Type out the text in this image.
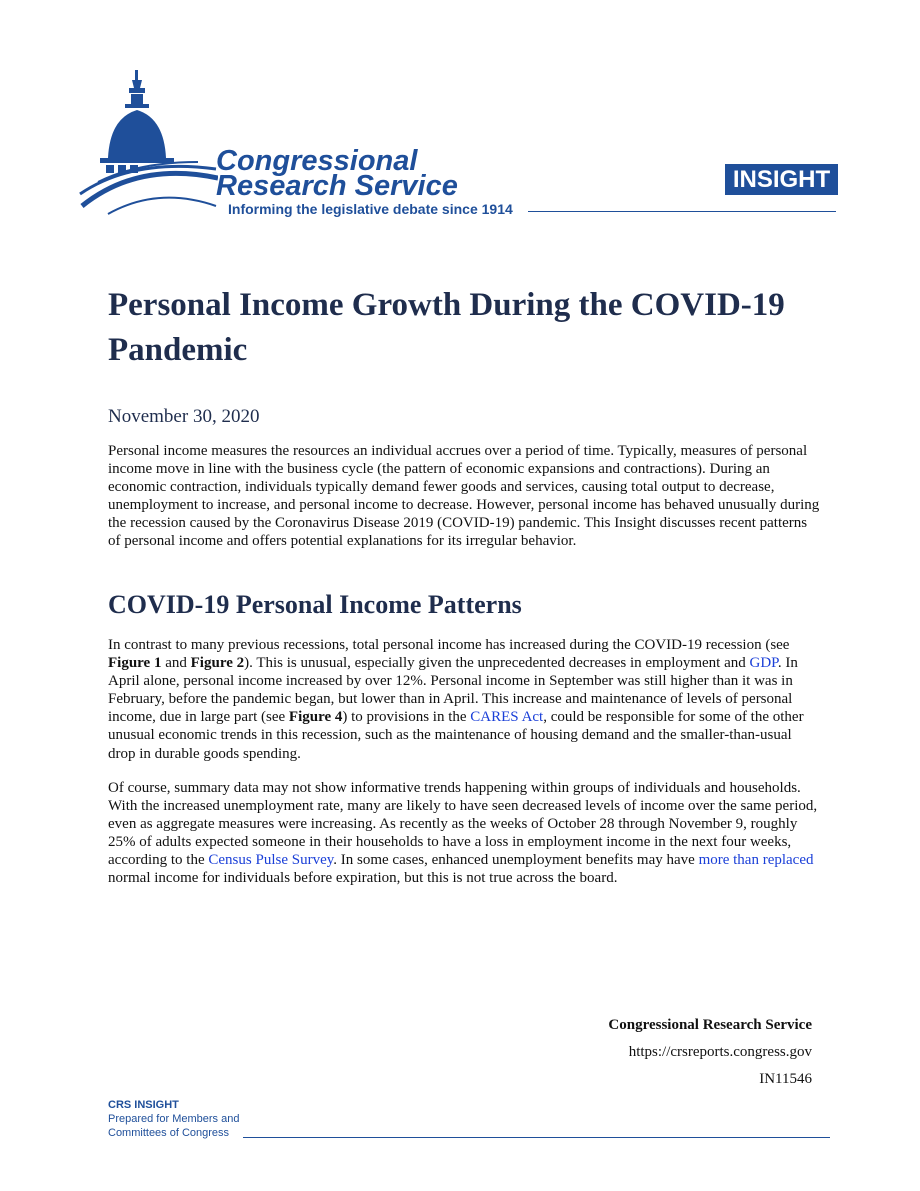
Congressional
Research Service
Informing the legislative debate since 1914
INSIGHT
Personal Income Growth During the COVID-19 Pandemic
November 30, 2020

Personal income measures the resources an individual accrues over a period of time. Typically, measures of personal income move in line with the business cycle (the pattern of economic expansions and contractions). During an economic contraction, individuals typically demand fewer goods and services, causing total output to decrease, unemployment to increase, and personal income to decrease. However, personal income has behaved unusually during the recession caused by the Coronavirus Disease 2019 (COVID-19) pandemic. This Insight discusses recent patterns of personal income and offers potential explanations for its irregular behavior.

COVID-19 Personal Income Patterns

In contrast to many previous recessions, total personal income has increased during the COVID-19 recession (see Figure 1 and Figure 2). This is unusual, especially given the unprecedented decreases in employment and GDP. In April alone, personal income increased by over 12%. Personal income in September was still higher than it was in February, before the pandemic began, but lower than in April. This increase and maintenance of levels of personal income, due in large part (see Figure 4) to provisions in the CARES Act, could be responsible for some of the other unusual economic trends in this recession, such as the maintenance of housing demand and the smaller-than-usual drop in durable goods spending.

Of course, summary data may not show informative trends happening within groups of individuals and households. With the increased unemployment rate, many are likely to have seen decreased levels of income over the same period, even as aggregate measures were increasing. As recently as the weeks of October 28 through November 9, roughly 25% of adults expected someone in their households to have a loss in employment income in the next four weeks, according to the Census Pulse Survey. In some cases, enhanced unemployment benefits may have more than replaced normal income for individuals before expiration, but this is not true across the board.

Congressional Research Service
https://crsreports.congress.gov
IN11546
CRS INSIGHT
Prepared for Members and
Committees of Congress
